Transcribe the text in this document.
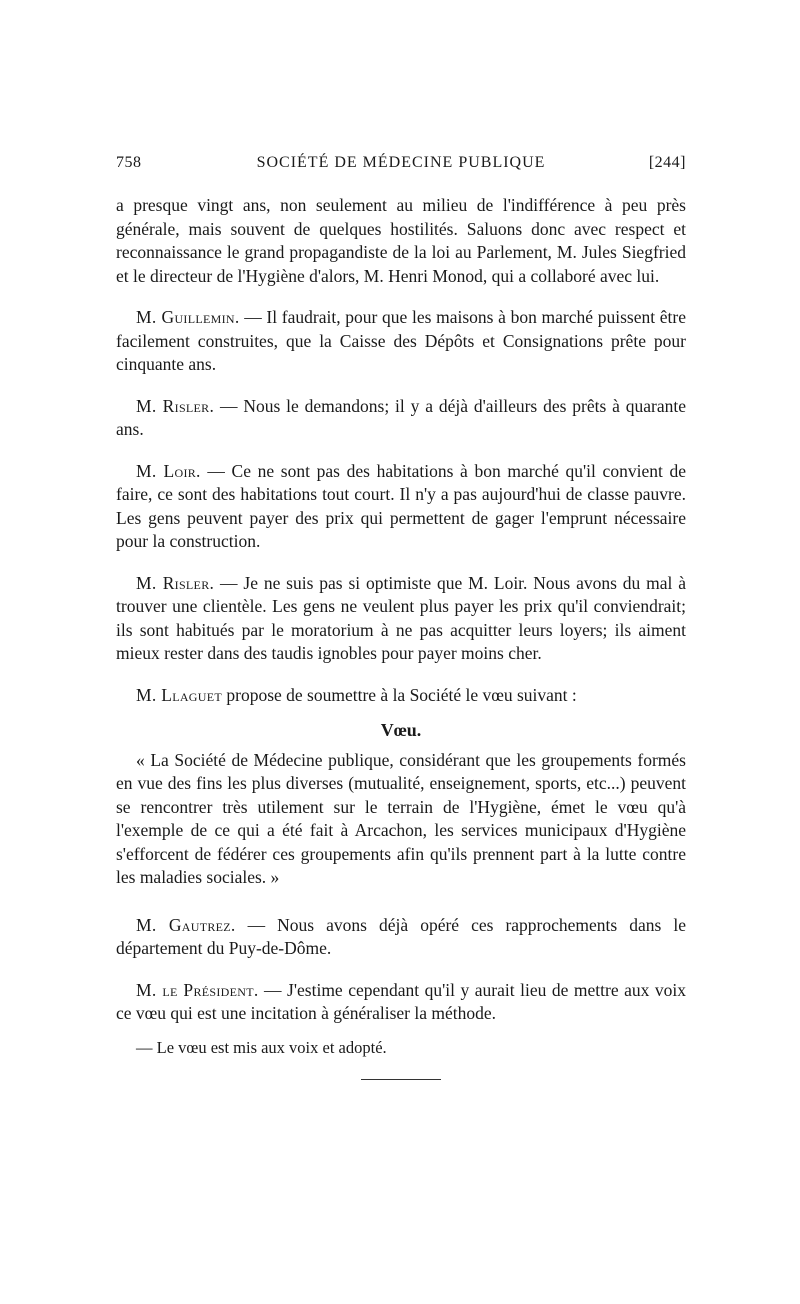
758	SOCIÉTÉ DE MÉDECINE PUBLIQUE	[244]

a presque vingt ans, non seulement au milieu de l'indifférence à peu près générale, mais souvent de quelques hostilités. Saluons donc avec respect et reconnaissance le grand propagandiste de la loi au Parlement, M. Jules Siegfried et le directeur de l'Hygiène d'alors, M. Henri Monod, qui a collaboré avec lui.

M. Guillemin. — Il faudrait, pour que les maisons à bon marché puissent être facilement construites, que la Caisse des Dépôts et Consignations prête pour cinquante ans.

M. Risler. — Nous le demandons; il y a déjà d'ailleurs des prêts à quarante ans.

M. Loir. — Ce ne sont pas des habitations à bon marché qu'il convient de faire, ce sont des habitations tout court. Il n'y a pas aujourd'hui de classe pauvre. Les gens peuvent payer des prix qui permettent de gager l'emprunt nécessaire pour la construction.

M. Risler. — Je ne suis pas si optimiste que M. Loir. Nous avons du mal à trouver une clientèle. Les gens ne veulent plus payer les prix qu'il conviendrait; ils sont habitués par le moratorium à ne pas acquitter leurs loyers; ils aiment mieux rester dans des taudis ignobles pour payer moins cher.

M. Llaguet propose de soumettre à la Société le vœu suivant :

Vœu.

« La Société de Médecine publique, considérant que les groupements formés en vue des fins les plus diverses (mutualité, enseignement, sports, etc...) peuvent se rencontrer très utilement sur le terrain de l'Hygiène, émet le vœu qu'à l'exemple de ce qui a été fait à Arcachon, les services municipaux d'Hygiène s'efforcent de fédérer ces groupements afin qu'ils prennent part à la lutte contre les maladies sociales. »

M. Gautrez. — Nous avons déjà opéré ces rapprochements dans le département du Puy-de-Dôme.

M. le Président. — J'estime cependant qu'il y aurait lieu de mettre aux voix ce vœu qui est une incitation à généraliser la méthode.

— Le vœu est mis aux voix et adopté.
